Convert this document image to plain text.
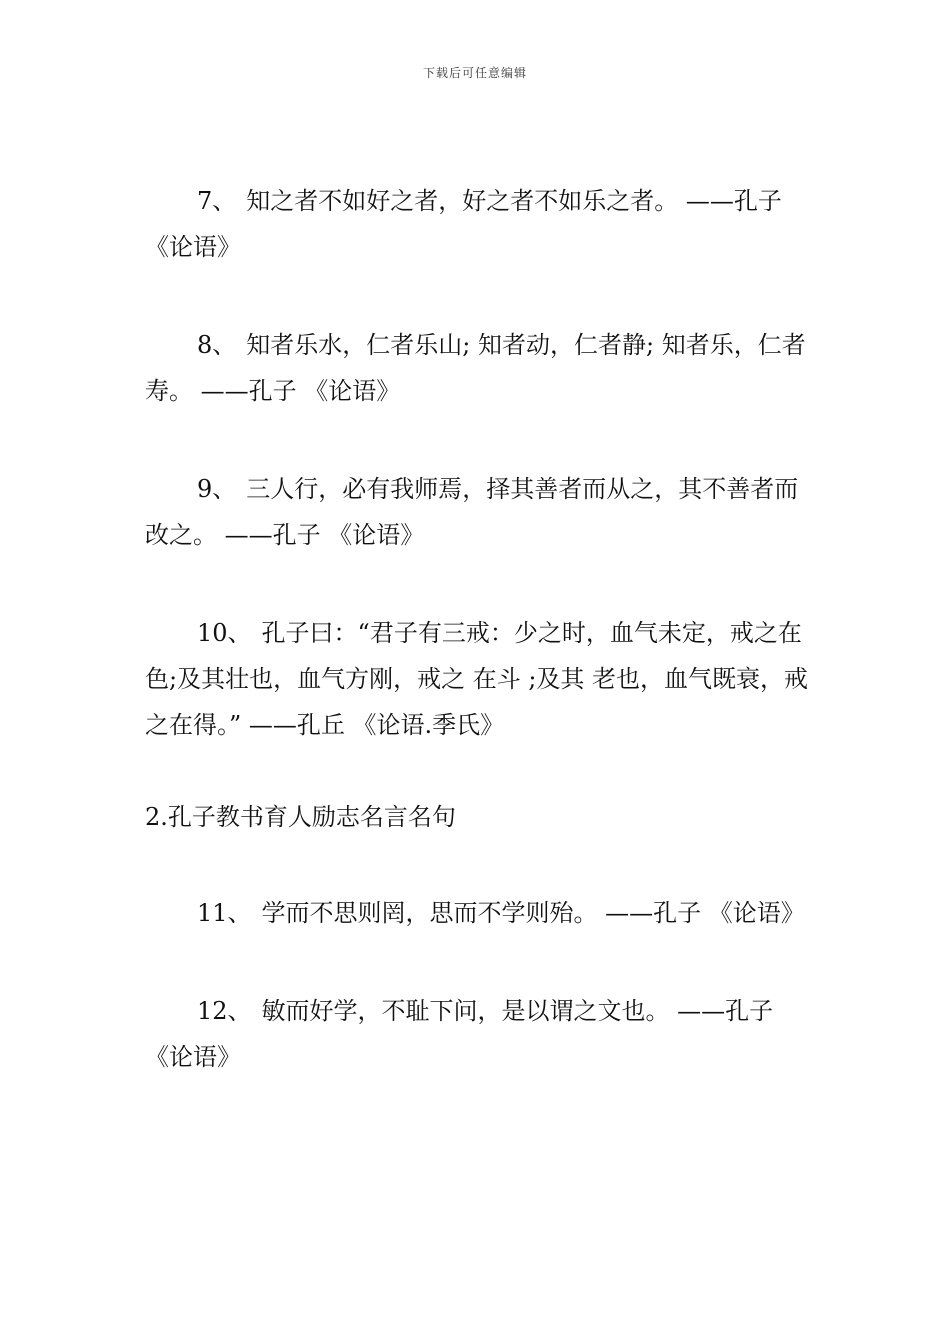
下载后可任意编辑

7、 知之者不如好之者，好之者不如乐之者。 ——孔子 《论语》

8、 知者乐水，仁者乐山; 知者动，仁者静; 知者乐，仁者寿。 ——孔子 《论语》

9、 三人行，必有我师焉，择其善者而从之，其不善者而改之。 ——孔子 《论语》

10、 孔子曰：“君子有三戒：少之时，血气未定，戒之在色;及其壮也，血气方刚，戒之 在斗 ;及其 老也，血气既衰，戒之在得。” ——孔丘 《论语.季氏》

2.孔子教书育人励志名言名句

11、 学而不思则罔，思而不学则殆。 ——孔子 《论语》

12、 敏而好学，不耻下问，是以谓之文也。 ——孔子 《论语》
